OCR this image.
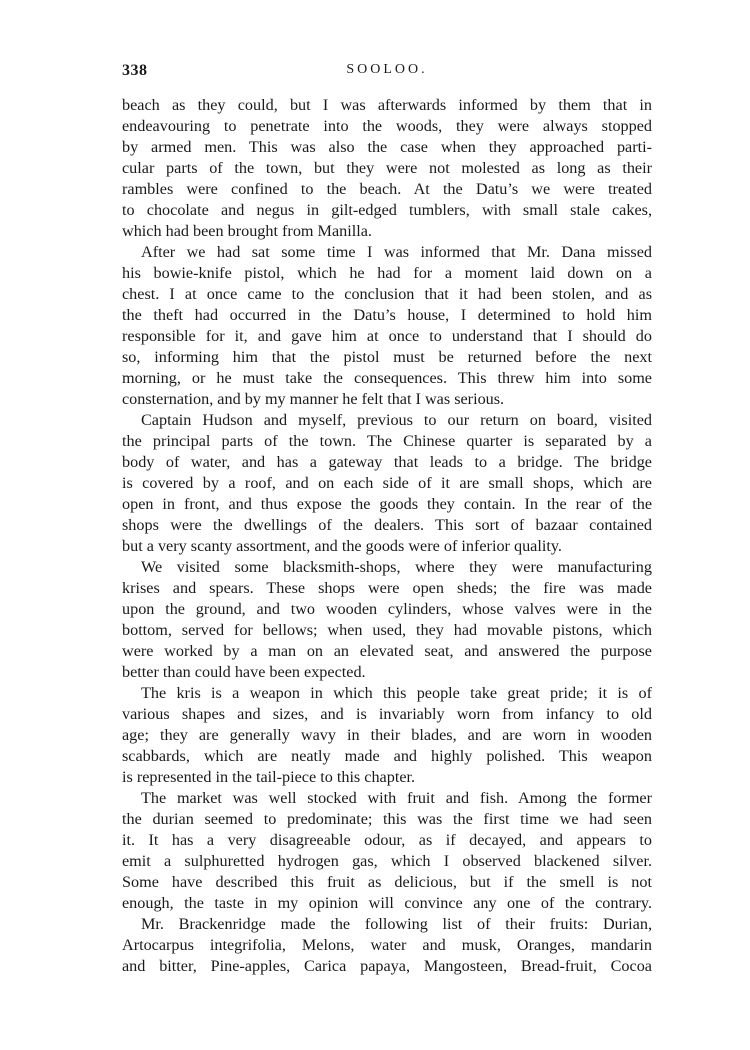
338	SOOLOO.
beach as they could, but I was afterwards informed by them that in
endeavouring to penetrate into the woods, they were always stopped
by armed men. This was also the case when they approached parti-
cular parts of the town, but they were not molested as long as their
rambles were confined to the beach. At the Datu’s we were treated
to chocolate and negus in gilt-edged tumblers, with small stale cakes,
which had been brought from Manilla.
After we had sat some time I was informed that Mr. Dana missed
his bowie-knife pistol, which he had for a moment laid down on a
chest. I at once came to the conclusion that it had been stolen, and as
the theft had occurred in the Datu’s house, I determined to hold him
responsible for it, and gave him at once to understand that I should do
so, informing him that the pistol must be returned before the next
morning, or he must take the consequences. This threw him into some
consternation, and by my manner he felt that I was serious.
Captain Hudson and myself, previous to our return on board, visited
the principal parts of the town. The Chinese quarter is separated by a
body of water, and has a gateway that leads to a bridge. The bridge
is covered by a roof, and on each side of it are small shops, which are
open in front, and thus expose the goods they contain. In the rear of the
shops were the dwellings of the dealers. This sort of bazaar contained
but a very scanty assortment, and the goods were of inferior quality.
We visited some blacksmith-shops, where they were manufacturing
krises and spears. These shops were open sheds; the fire was made
upon the ground, and two wooden cylinders, whose valves were in the
bottom, served for bellows; when used, they had movable pistons, which
were worked by a man on an elevated seat, and answered the purpose
better than could have been expected.
The kris is a weapon in which this people take great pride; it is of
various shapes and sizes, and is invariably worn from infancy to old
age; they are generally wavy in their blades, and are worn in wooden
scabbards, which are neatly made and highly polished. This weapon
is represented in the tail-piece to this chapter.
The market was well stocked with fruit and fish. Among the former
the durian seemed to predominate; this was the first time we had seen
it. It has a very disagreeable odour, as if decayed, and appears to
emit a sulphuretted hydrogen gas, which I observed blackened silver.
Some have described this fruit as delicious, but if the smell is not
enough, the taste in my opinion will convince any one of the contrary.
Mr. Brackenridge made the following list of their fruits: Durian,
Artocarpus integrifolia, Melons, water and musk, Oranges, mandarin
and bitter, Pine-apples, Carica papaya, Mangosteen, Bread-fruit, Cocoa
